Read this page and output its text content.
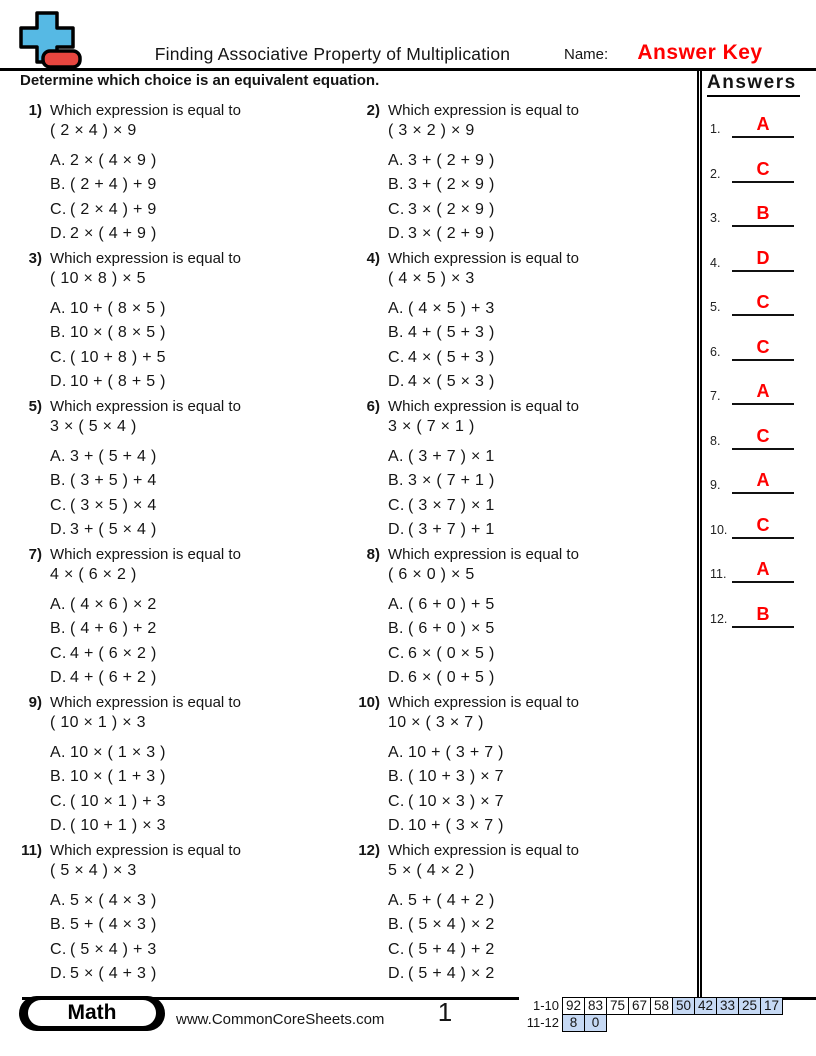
Finding Associative Property of Multiplication	Name:	Answer Key
Determine which choice is an equivalent equation.	Answers
1.	A
2.	C
3.	B
4.	D
5.	C
6.	C
7.	A
8.	C
9.	A
10.	C
11.	A
12.	B
1) Which expression is equal to
( 2 × 4 ) × 9
A. 2 × ( 4 × 9 )
B. ( 2 + 4 ) + 9
C. ( 2 × 4 ) + 9
D. 2 × ( 4 + 9 )
2) Which expression is equal to
( 3 × 2 ) × 9
A. 3 + ( 2 + 9 )
B. 3 + ( 2 × 9 )
C. 3 × ( 2 × 9 )
D. 3 × ( 2 + 9 )
3) Which expression is equal to
( 10 × 8 ) × 5
A. 10 + ( 8 × 5 )
B. 10 × ( 8 × 5 )
C. ( 10 + 8 ) + 5
D. 10 + ( 8 + 5 )
4) Which expression is equal to
( 4 × 5 ) × 3
A. ( 4 × 5 ) + 3
B. 4 + ( 5 + 3 )
C. 4 × ( 5 + 3 )
D. 4 × ( 5 × 3 )
5) Which expression is equal to
3 × ( 5 × 4 )
A. 3 + ( 5 + 4 )
B. ( 3 + 5 ) + 4
C. ( 3 × 5 ) × 4
D. 3 + ( 5 × 4 )
6) Which expression is equal to
3 × ( 7 × 1 )
A. ( 3 + 7 ) × 1
B. 3 × ( 7 + 1 )
C. ( 3 × 7 ) × 1
D. ( 3 + 7 ) + 1
7) Which expression is equal to
4 × ( 6 × 2 )
A. ( 4 × 6 ) × 2
B. ( 4 + 6 ) + 2
C. 4 + ( 6 × 2 )
D. 4 + ( 6 + 2 )
8) Which expression is equal to
( 6 × 0 ) × 5
A. ( 6 + 0 ) + 5
B. ( 6 + 0 ) × 5
C. 6 × ( 0 × 5 )
D. 6 × ( 0 + 5 )
9) Which expression is equal to
( 10 × 1 ) × 3
A. 10 × ( 1 × 3 )
B. 10 × ( 1 + 3 )
C. ( 10 × 1 ) + 3
D. ( 10 + 1 ) × 3
10) Which expression is equal to
10 × ( 3 × 7 )
A. 10 + ( 3 + 7 )
B. ( 10 + 3 ) × 7
C. ( 10 × 3 ) × 7
D. 10 + ( 3 × 7 )
11) Which expression is equal to
( 5 × 4 ) × 3
A. 5 × ( 4 × 3 )
B. 5 + ( 4 × 3 )
C. ( 5 × 4 ) + 3
D. 5 × ( 4 + 3 )
12) Which expression is equal to
5 × ( 4 × 2 )
A. 5 + ( 4 + 2 )
B. ( 5 × 4 ) × 2
C. ( 5 + 4 ) + 2
D. ( 5 + 4 ) × 2
Math	www.CommonCoreSheets.com	1	1-10 92 83 75 67 58 50 42 33 25 17
11-12 8	0
